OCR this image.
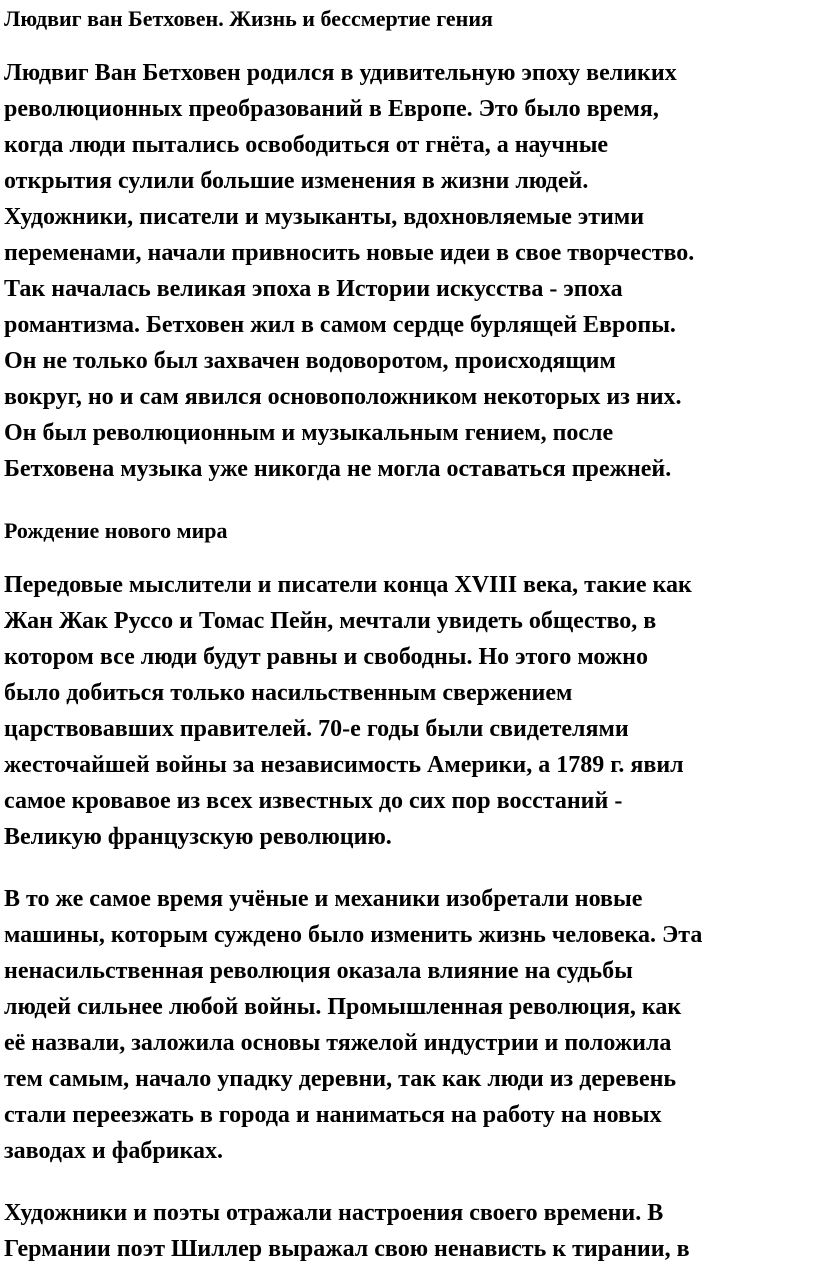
Людвиг ван Бетховен. Жизнь и бессмертие гения
Людвиг Ван Бетховен родился в удивительную эпоху великих
революционных преобразований в Европе. Это было время,
когда люди пытались освободиться от гнёта, а научные
открытия сулили большие изменения в жизни людей.
Художники, писатели и музыканты, вдохновляемые этими
переменами, начали привносить новые идеи в свое творчество.
Так началась великая эпоха в Истории искусства - эпоха
романтизма. Бетховен жил в самом сердце бурлящей Европы.
Он не только был захвачен водоворотом, происходящим
вокруг, но и сам явился основоположником некоторых из них.
Он был революционным и музыкальным гением, после
Бетховена музыка уже никогда не могла оставаться прежней.
Рождение нового мира
Передовые мыслители и писатели конца XVIII века, такие как
Жан Жак Руссо и Томас Пейн, мечтали увидеть общество, в
котором все люди будут равны и свободны. Но этого можно
было добиться только насильственным свержением
царствовавших правителей. 70-е годы были свидетелями
жесточайшей войны за независимость Америки, а 1789 г. явил
самое кровавое из всех известных до сих пор восстаний -
Великую французскую революцию.
В то же самое время учёные и механики изобретали новые
машины, которым суждено было изменить жизнь человека. Эта
ненасильственная революция оказала влияние на судьбы
людей сильнее любой войны. Промышленная революция, как
её назвали, заложила основы тяжелой индустрии и положила
тем самым, начало упадку деревни, так как люди из деревень
стали переезжать в города и наниматься на работу на новых
заводах и фабриках.
Художники и поэты отражали настроения своего времени. В
Германии поэт Шиллер выражал свою ненависть к тирании, в
